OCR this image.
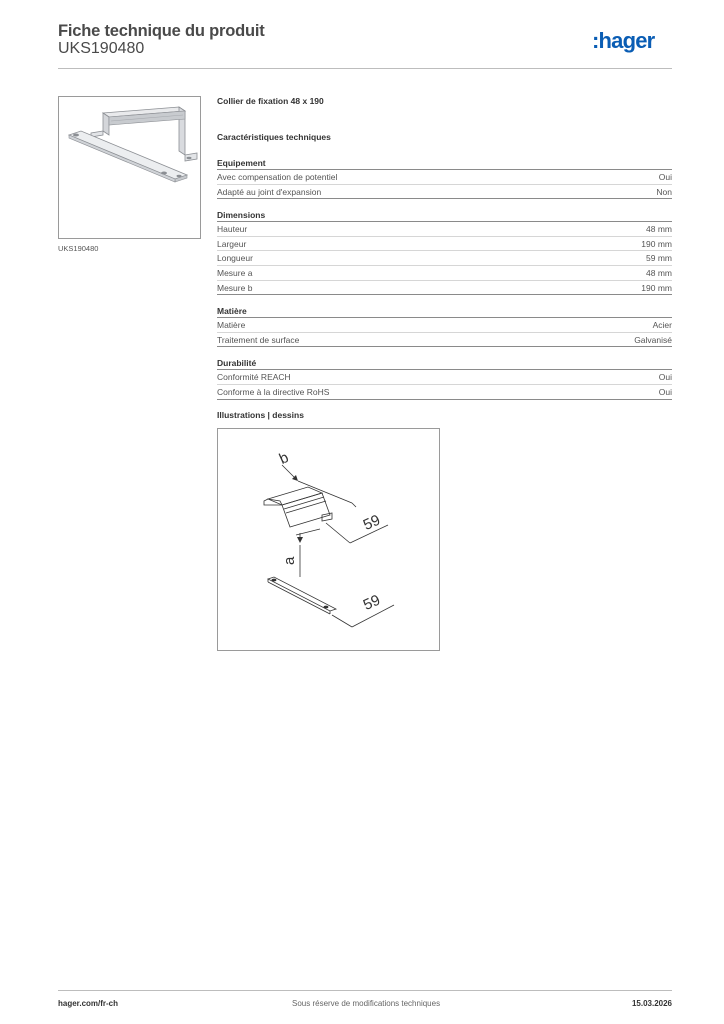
Fiche technique du produit
UKS190480	:hager
UKS190480
Collier de fixation 48 x 190
Caractéristiques techniques
Equipement
Avec compensation de potentiel	Oui
Adapté au joint d'expansion	Non
Dimensions
Hauteur	48 mm
Largeur	190 mm
Longueur	59 mm
Mesure a	48 mm
Mesure b	190 mm
Matière
Matière	Acier
Traitement de surface	Galvanisé
Durabilité
Conformité REACH	Oui
Conforme à la directive RoHS	Oui
Illustrations | dessins
59
a
b
59
hager.com/fr-ch	Sous réserve de modifications techniques	15.03.2026
